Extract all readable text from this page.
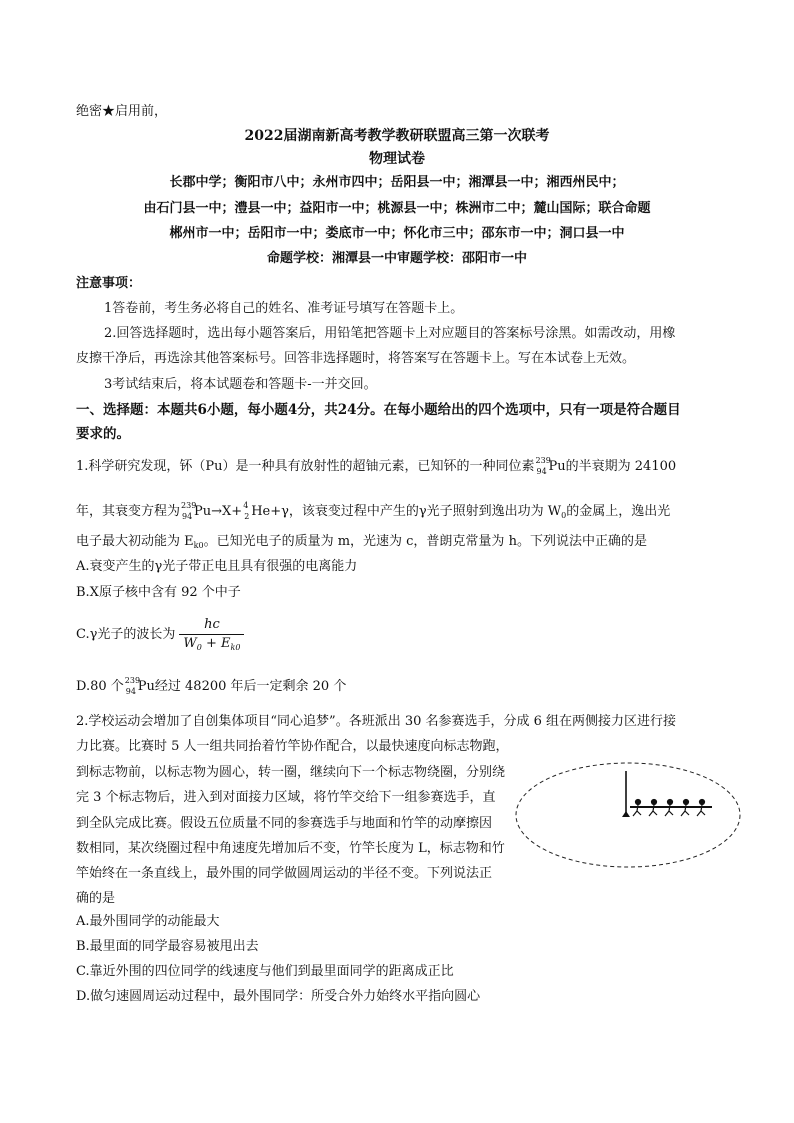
绝密★启用前，
2022届湖南新高考教学教研联盟高三第一次联考
物理试卷
长郡中学；衡阳市八中；永州市四中；岳阳县一中；湘潭县一中；湘西州民中；
由石门县一中；澧县一中；益阳市一中；桃源县一中；株洲市二中；麓山国际；联合命题
郴州市一中；岳阳市一中；娄底市一中；怀化市三中；邵东市一中；洞口县一中
命题学校：湘潭县一中审题学校：邵阳市一中
注意事项：
1答卷前，考生务必将自己的姓名、准考证号填写在答题卡上。
2.回答选择题时，选出每小题答案后，用铅笔把答题卡上对应题目的答案标号涂黑。如需改动，用橡
皮擦干净后，再选涂其他答案标号。回答非选择题时，将答案写在答题卡上。写在本试卷上无效。
3考试结束后，将本试题卷和答题卡-一并交回。
一、选择题：本题共6小题，每小题4分，共24分。在每小题给出的四个选项中，只有一项是符合题目
要求的。
1.科学研究发现，钚（Pu）是一种具有放射性的超铀元素，已知钚的一种同位素 239
94 Pu的半衰期为 24100
年，其衰变方程为 239
94 Pu→X+ 4
2 He+γ，该衰变过程中产生的γ光子照射到逸出功为 $W_0$的金属上，逸出光
电子最大初动能为 $E_{k0}$。已知光电子的质量为 m，光速为 c，普朗克常量为 h。下列说法中正确的是
A.衰变产生的γ光子带正电且具有很强的电离能力
B.X原子核中含有 92 个中子
C.γ光子的波长为 $\frac{hc}{W_0 + E_{k0}}$
D.80 个 239
94 Pu经过 48200 年后一定剩余 20 个
2.学校运动会增加了自创集体项目“同心追梦”。各班派出 30 名参赛选手，分成 6 组在两侧接力区进行接
力比赛。比赛时 5 人一组共同抬着竹竿协作配合，以最快速度向标志物跑，
到标志物前，以标志物为圆心，转一圈，继续向下一个标志物绕圈，分别绕
完 3 个标志物后，进入到对面接力区域，将竹竿交给下一组参赛选手，直
到全队完成比赛。假设五位质量不同的参赛选手与地面和竹竿的动摩擦因
数相同，某次绕圈过程中角速度先增加后不变，竹竿长度为 L，标志物和竹
竿始终在一条直线上，最外围的同学做圆周运动的半径不变。下列说法正
确的是
A.最外围同学的动能最大
B.最里面的同学最容易被甩出去
C.靠近外围的四位同学的线速度与他们到最里面同学的距离成正比
D.做匀速圆周运动过程中，最外围同学：所受合外力始终水平指向圆心
